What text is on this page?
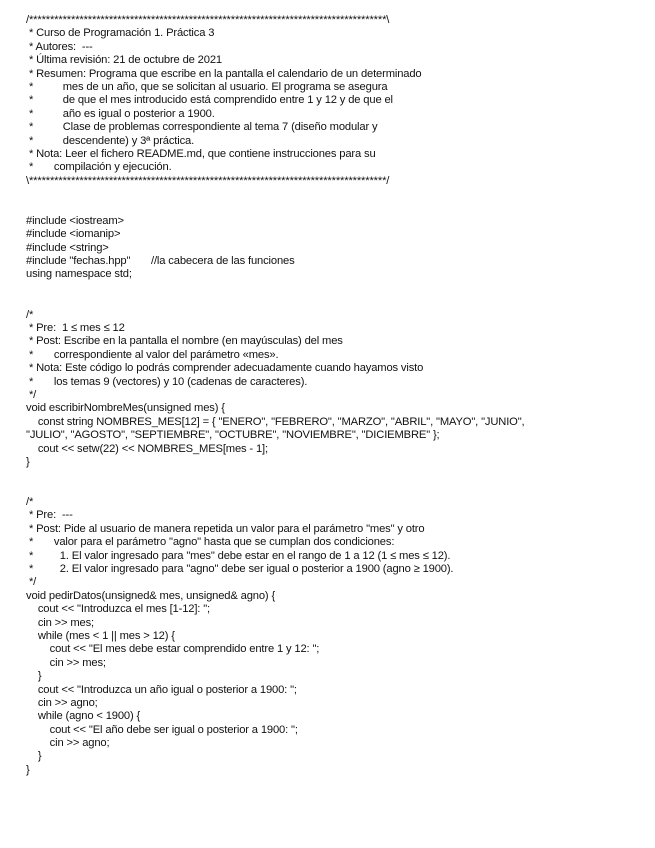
/*************************************************************************************\
* Curso de Programación 1. Práctica 3
* Autores:  ---
* Última revisión: 21 de octubre de 2021
* Resumen: Programa que escribe en la pantalla el calendario de un determinado
*          mes de un año, que se solicitan al usuario. El programa se asegura
*          de que el mes introducido está comprendido entre 1 y 12 y de que el
*          año es igual o posterior a 1900.
*          Clase de problemas correspondiente al tema 7 (diseño modular y
*          descendente) y 3ª práctica.
* Nota: Leer el fichero README.md, que contiene instrucciones para su
*       compilación y ejecución.
\*************************************************************************************/
#include <iostream>
#include <iomanip>
#include <string>
#include "fechas.hpp"       //la cabecera de las funciones
using namespace std;
/*
* Pre:  1 ≤ mes ≤ 12
* Post: Escribe en la pantalla el nombre (en mayúsculas) del mes
*       correspondiente al valor del parámetro «mes».
* Nota: Este código lo podrás comprender adecuadamente cuando hayamos visto
*       los temas 9 (vectores) y 10 (cadenas de caracteres).
*/
void escribirNombreMes(unsigned mes) {
const string NOMBRES_MES[12] = { "ENERO", "FEBRERO", "MARZO", "ABRIL", "MAYO", "JUNIO",
"JULIO", "AGOSTO", "SEPTIEMBRE", "OCTUBRE", "NOVIEMBRE", "DICIEMBRE" };
cout << setw(22) << NOMBRES_MES[mes - 1];
}
/*
* Pre:  ---
* Post: Pide al usuario de manera repetida un valor para el parámetro "mes" y otro
*       valor para el parámetro "agno" hasta que se cumplan dos condiciones:
*         1. El valor ingresado para "mes" debe estar en el rango de 1 a 12 (1 ≤ mes ≤ 12).
*         2. El valor ingresado para "agno" debe ser igual o posterior a 1900 (agno ≥ 1900).
*/
void pedirDatos(unsigned& mes, unsigned& agno) {
cout << "Introduzca el mes [1-12]: ";
cin >> mes;
while (mes < 1 || mes > 12) {
cout << "El mes debe estar comprendido entre 1 y 12: ";
cin >> mes;
}
cout << "Introduzca un año igual o posterior a 1900: ";
cin >> agno;
while (agno < 1900) {
cout << "El año debe ser igual o posterior a 1900: ";
cin >> agno;
}
}
